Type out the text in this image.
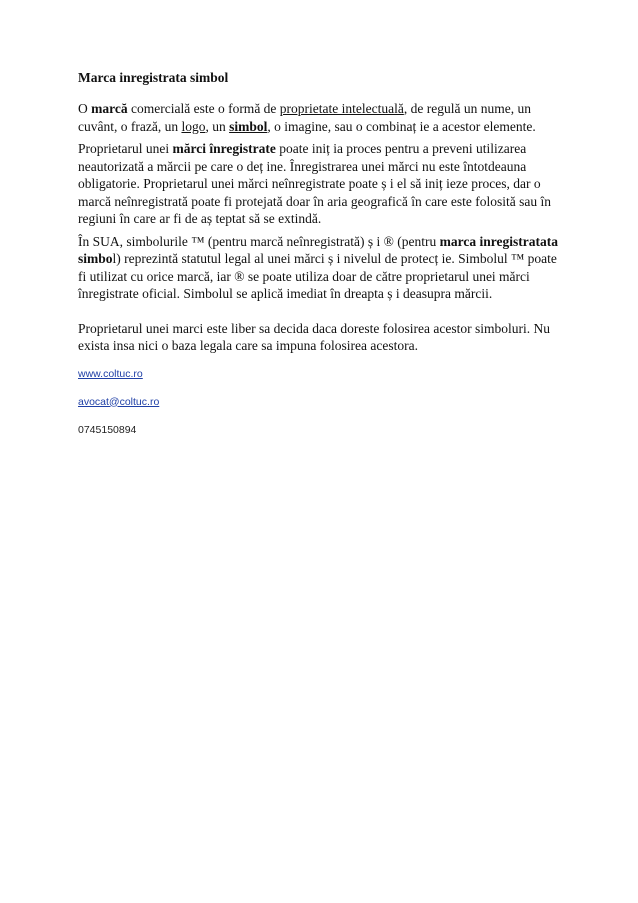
Marca inregistrata simbol

O marcă comercială este o formă de proprietate intelectuală, de regulă un nume, un cuvânt, o frază, un logo, un simbol, o imagine, sau o combinaț ie a acestor elemente.

Proprietarul unei mărci înregistrate poate iniț ia proces pentru a preveni utilizarea neautorizată a mărcii pe care o deț ine. Înregistrarea unei mărci nu este întotdeauna obligatorie. Proprietarul unei mărci neînregistrate poate ș i el să iniț ieze proces, dar o marcă neînregistrată poate fi protejată doar în aria geografică în care este folosită sau în regiuni în care ar fi de aș teptat să se extindă.

În SUA, simbolurile ™ (pentru marcă neînregistrată) ș i ® (pentru marca inregistratata simbol) reprezintă statutul legal al unei mărci ș i nivelul de protecț ie. Simbolul ™ poate fi utilizat cu orice marcă, iar ® se poate utiliza doar de către proprietarul unei mărci înregistrate oficial. Simbolul se aplică imediat în dreapta ș i deasupra mărcii.

Proprietarul unei marci este liber sa decida daca doreste folosirea acestor simboluri. Nu exista insa nici o baza legala care sa impuna folosirea acestora.

www.coltuc.ro
avocat@coltuc.ro
0745150894
